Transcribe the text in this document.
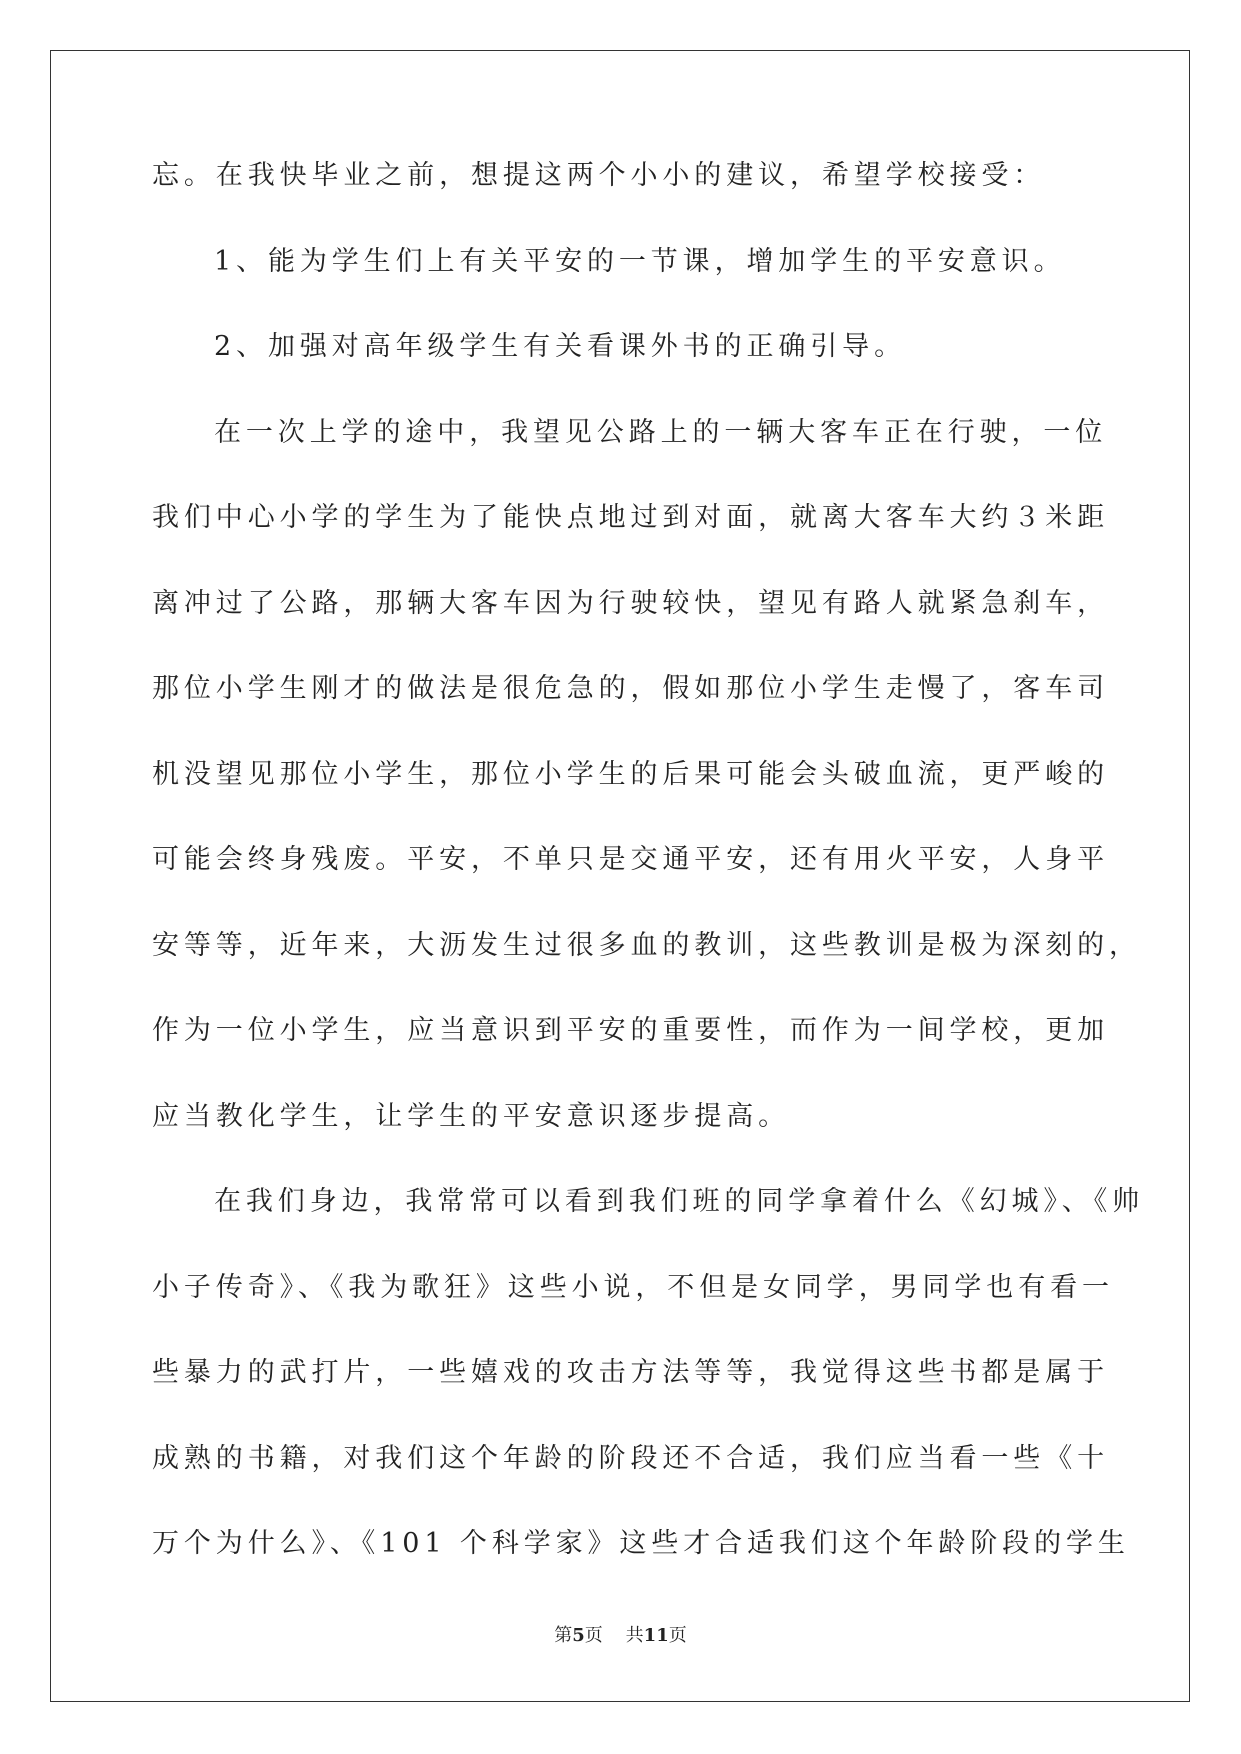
忘。在我快毕业之前，想提这两个小小的建议，希望学校接受：
1、能为学生们上有关平安的一节课，增加学生的平安意识。
2、加强对高年级学生有关看课外书的正确引导。
在一次上学的途中，我望见公路上的一辆大客车正在行驶，一位
我们中心小学的学生为了能快点地过到对面，就离大客车大约３米距
离冲过了公路，那辆大客车因为行驶较快，望见有路人就紧急刹车，
那位小学生刚才的做法是很危急的，假如那位小学生走慢了，客车司
机没望见那位小学生，那位小学生的后果可能会头破血流，更严峻的
可能会终身残废。平安，不单只是交通平安，还有用火平安，人身平
安等等，近年来，大沥发生过很多血的教训，这些教训是极为深刻的，
作为一位小学生，应当意识到平安的重要性，而作为一间学校，更加
应当教化学生，让学生的平安意识逐步提高。
在我们身边，我常常可以看到我们班的同学拿着什么《幻城》、《帅
小子传奇》、《我为歌狂》这些小说，不但是女同学，男同学也有看一
些暴力的武打片，一些嬉戏的攻击方法等等，我觉得这些书都是属于
成熟的书籍，对我们这个年龄的阶段还不合适，我们应当看一些《十
万个为什么》、《101 个科学家》这些才合适我们这个年龄阶段的学生
第5页 共11页
